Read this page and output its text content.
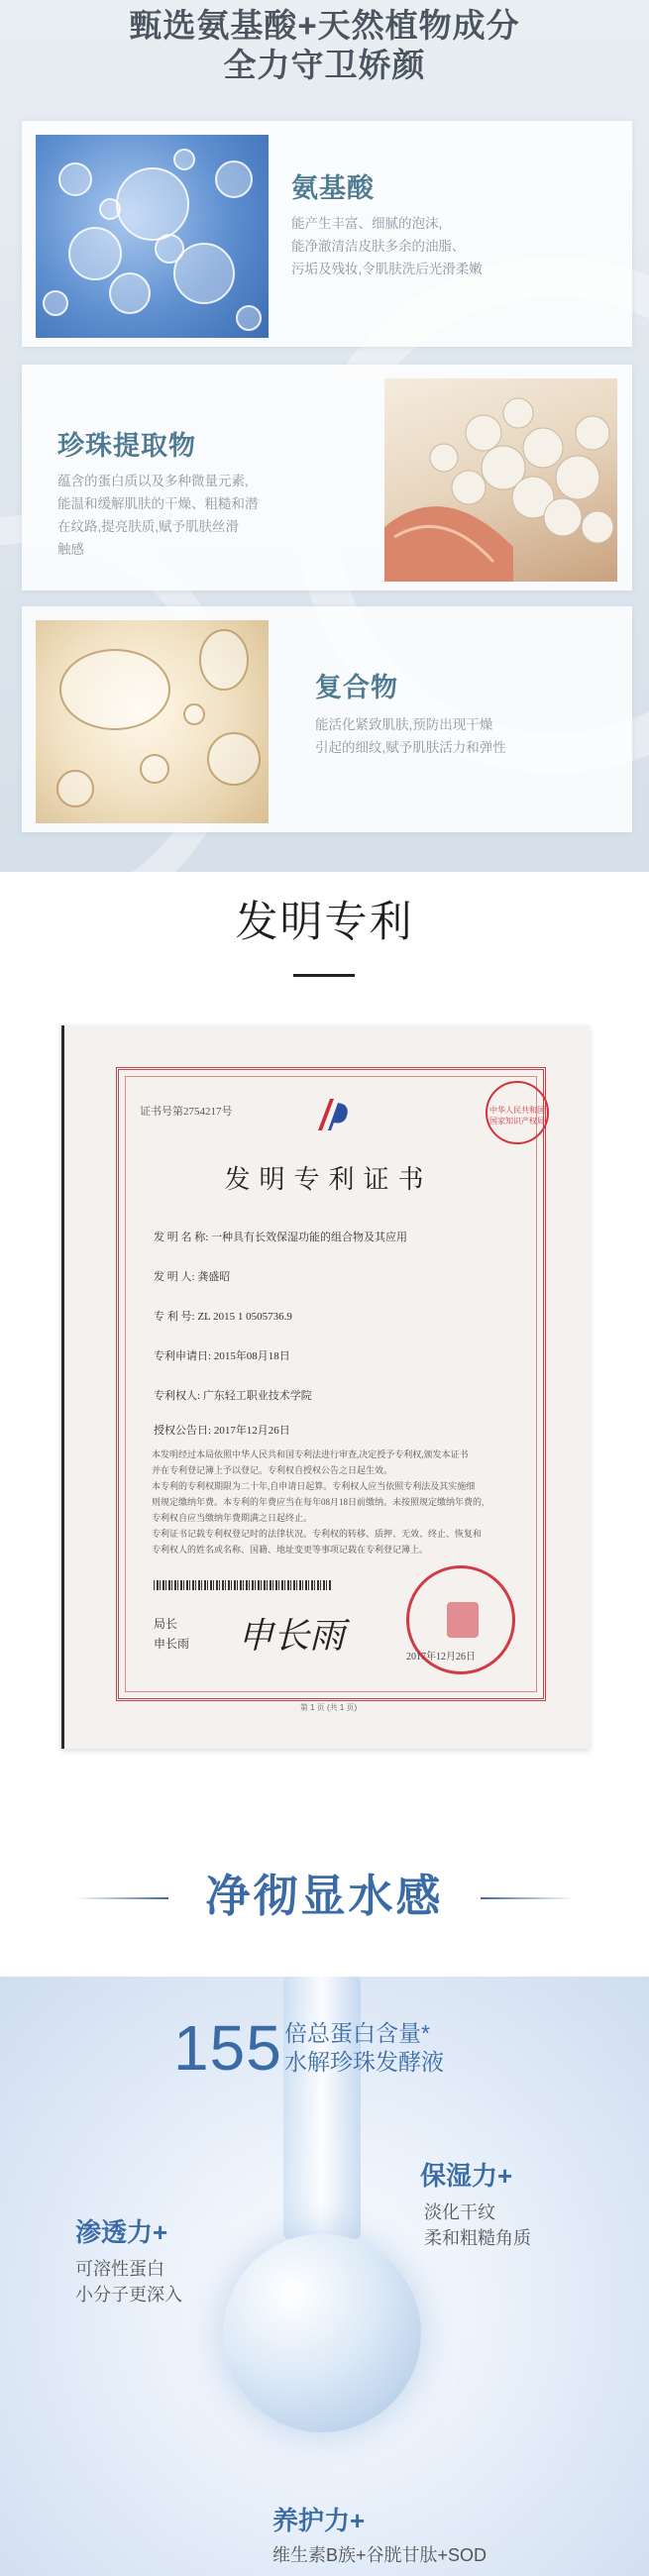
甄选氨基酸+天然植物成分
全力守卫娇颜
氨基酸

能产生丰富、细腻的泡沫,
能净澈清洁皮肤多余的油脂、
污垢及残妆,令肌肤洗后光滑柔嫩

珍珠提取物

蕴含的蛋白质以及多种微量元素,
能温和缓解肌肤的干燥、粗糙和潜
在纹路,提亮肤质,赋予肌肤丝滑
触感

复合物

能活化紧致肌肤,预防出现干燥
引起的细纹,赋予肌肤活力和弹性

发明专利
证书号第2754217号	中华人民共和国国家知识产权局
发明专利证书
发 明 名 称: 一种具有长效保湿功能的组合物及其应用
发 明 人: 龚盛昭
专 利 号: ZL 2015 1 0505736.9
专利申请日: 2015年08月18日
专利权人: 广东轻工职业技术学院
授权公告日: 2017年12月26日
本发明经过本局依照中华人民共和国专利法进行审查,决定授予专利权,颁发本证书
并在专利登记簿上予以登记。专利权自授权公告之日起生效。
本专利的专利权期限为二十年,自申请日起算。专利权人应当依照专利法及其实施细
则规定缴纳年费。本专利的年费应当在每年08月18日前缴纳。未按照规定缴纳年费的,
专利权自应当缴纳年费期满之日起终止。
专利证书记载专利权登记时的法律状况。专利权的转移、质押、无效、终止、恢复和
专利权人的姓名或名称、国籍、地址变更等事项记载在专利登记簿上。
局长
申长雨 申长雨
2017年12月26日
第 1 页 (共 1 页)
净彻显水感
155 倍总蛋白含量*
水解珍珠发酵液
保湿力+
淡化干纹
柔和粗糙角质
渗透力+
可溶性蛋白
小分子更深入
养护力+
维生素B族+谷胱甘肽+SOD
